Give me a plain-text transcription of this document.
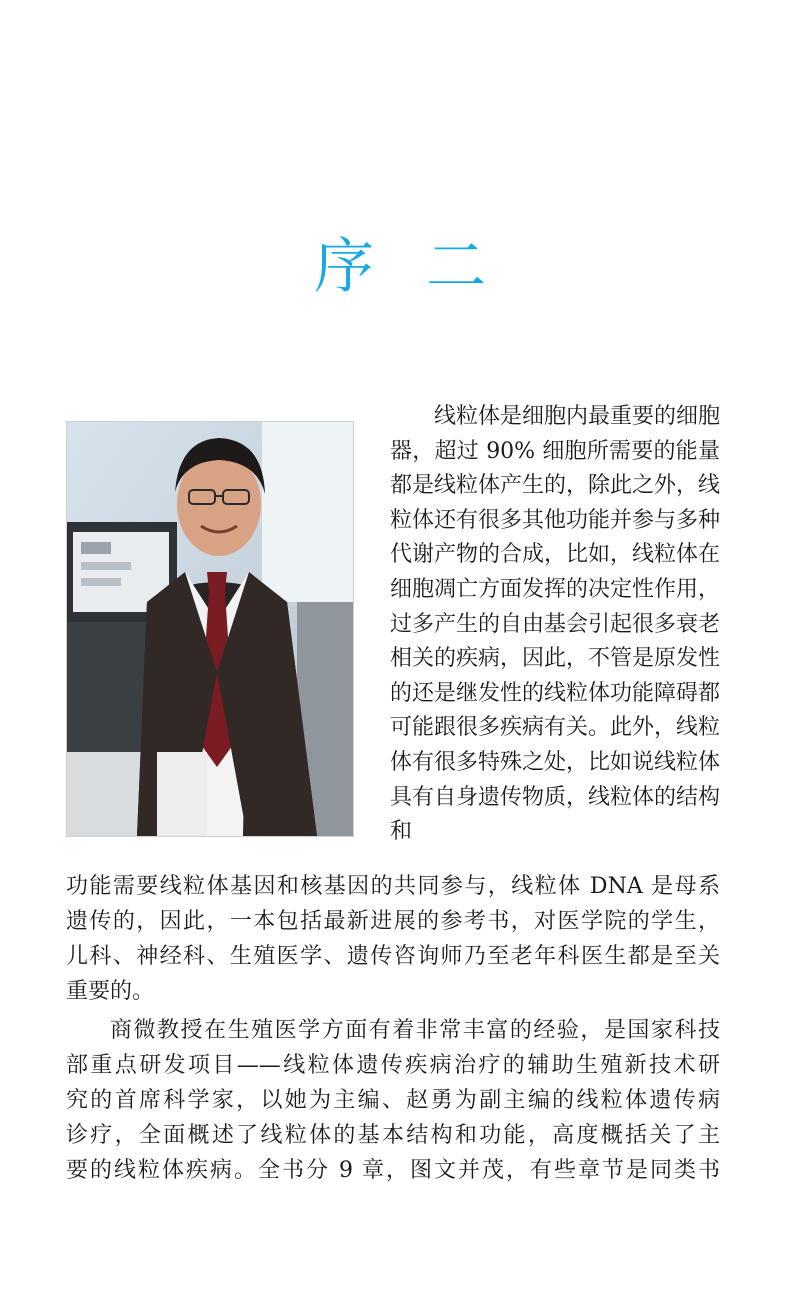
序 二
线粒体是细胞内最重要的细胞器，超过 90% 细胞所需要的能量都是线粒体产生的，除此之外，线粒体还有很多其他功能并参与多种代谢产物的合成，比如，线粒体在细胞凋亡方面发挥的决定性作用，过多产生的自由基会引起很多衰老相关的疾病，因此，不管是原发性的还是继发性的线粒体功能障碍都可能跟很多疾病有关。此外，线粒体有很多特殊之处，比如说线粒体具有自身遗传物质，线粒体的结构和
功能需要线粒体基因和核基因的共同参与，线粒体 DNA 是母系
遗传的，因此，一本包括最新进展的参考书，对医学院的学生，
儿科、神经科、生殖医学、遗传咨询师乃至老年科医生都是至关
重要的。
商微教授在生殖医学方面有着非常丰富的经验，是国家科技
部重点研发项目——线粒体遗传疾病治疗的辅助生殖新技术研
究的首席科学家，以她为主编、赵勇为副主编的线粒体遗传病
诊疗，全面概述了线粒体的基本结构和功能，高度概括关了主
要的线粒体疾病。全书分 9 章，图文并茂，有些章节是同类书
